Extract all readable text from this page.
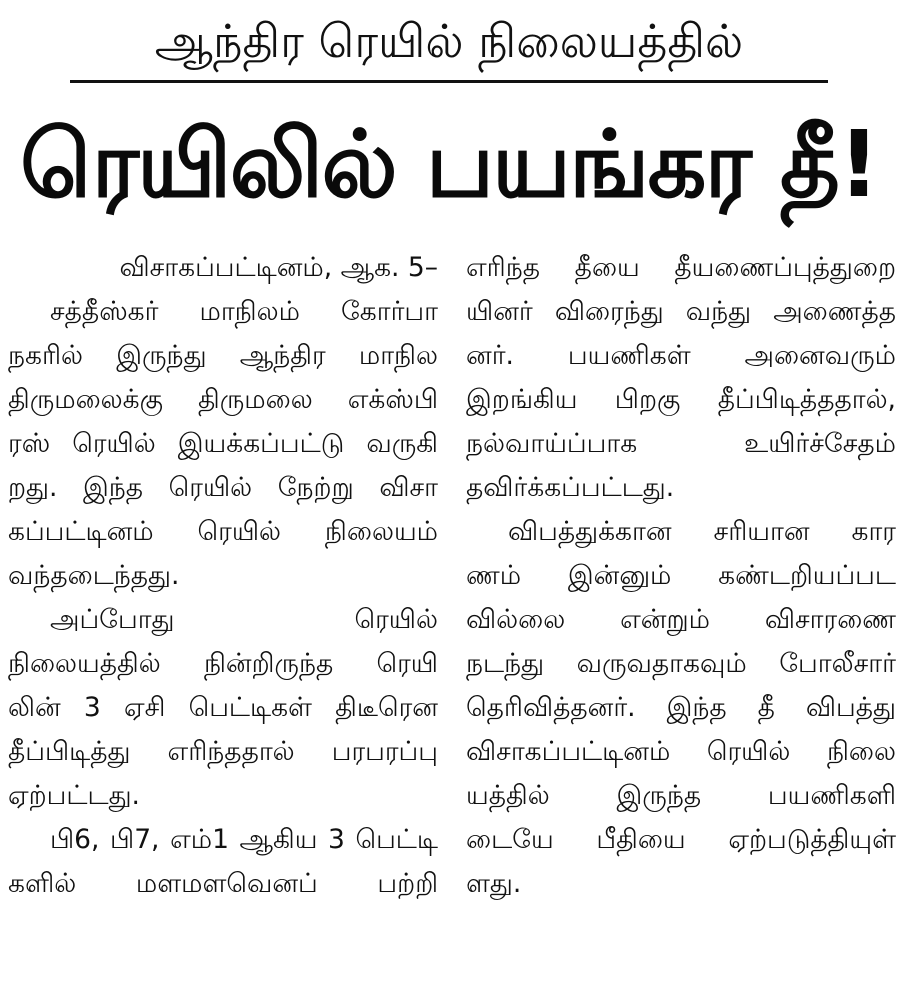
ஆந்திர ரெயில் நிலையத்தில்
ரெயிலில் பயங்கர தீ!
விசாகப்பட்டினம், ஆக. 5–
சத்தீஸ்கர் மாநிலம் கோர்பா
நகரில் இருந்து ஆந்திர மாநில
திருமலைக்கு திருமலை எக்ஸ்பி
ரஸ் ரெயில் இயக்கப்பட்டு வருகி
றது. இந்த ரெயில் நேற்று விசா
கப்பட்டினம் ரெயில் நிலையம்
வந்தடைந்தது.
அப்போது ரெயில்
நிலையத்தில் நின்றிருந்த ரெயி
லின் 3 ஏசி பெட்டிகள் திடீரென
தீப்பிடித்து எரிந்ததால் பரபரப்பு
ஏற்பட்டது.
பி6, பி7, எம்1 ஆகிய 3 பெட்டி
களில் மளமளவெனப் பற்றி
எரிந்த தீயை தீயணைப்புத்துறை
யினர் விரைந்து வந்து அணைத்த
னர். பயணிகள் அனைவரும்
இறங்கிய பிறகு தீப்பிடித்ததால்,
நல்வாய்ப்பாக உயிர்ச்சேதம்
தவிர்க்கப்பட்டது.
விபத்துக்கான சரியான கார
ணம் இன்னும் கண்டறியப்பட
வில்லை என்றும் விசாரணை
நடந்து வருவதாகவும் போலீசார்
தெரிவித்தனர். இந்த தீ விபத்து
விசாகப்பட்டினம் ரெயில் நிலை
யத்தில் இருந்த பயணிகளி
டையே பீதியை ஏற்படுத்தியுள்
ளது.
